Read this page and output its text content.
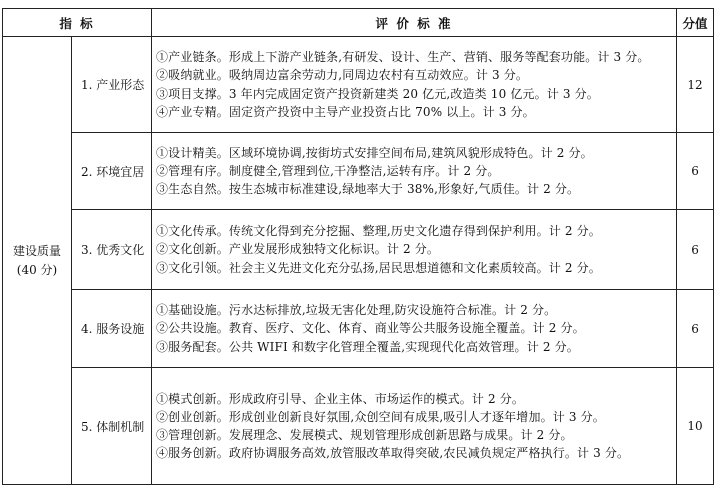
指 标		评 价 标 准	分值

建设质量
(40 分)	1. 产业形态	①产业链条。形成上下游产业链条,有研发、设计、生产、营销、服务等配套功能。计 3 分。
②吸纳就业。吸纳周边富余劳动力,同周边农村有互动效应。计 3 分。
③项目支撑。3 年内完成固定资产投资新建类 20 亿元,改造类 10 亿元。计 3 分。
④产业专精。固定资产投资中主导产业投资占比 70% 以上。计 3 分。	12
	2. 环境宜居	①设计精美。区域环境协调,按街坊式安排空间布局,建筑风貌形成特色。计 2 分。
②管理有序。制度健全,管理到位,干净整洁,运转有序。计 2 分。
③生态自然。按生态城市标准建设,绿地率大于 38%,形象好,气质佳。计 2 分。	6
	3. 优秀文化	①文化传承。传统文化得到充分挖掘、整理,历史文化遗存得到保护利用。计 2 分。
②文化创新。产业发展形成独特文化标识。计 2 分。
③文化引领。社会主义先进文化充分弘扬,居民思想道德和文化素质较高。计 2 分。	6
	4. 服务设施	①基础设施。污水达标排放,垃圾无害化处理,防灾设施符合标准。计 2 分。
②公共设施。教育、医疗、文化、体育、商业等公共服务设施全覆盖。计 2 分。
③服务配套。公共 WIFI 和数字化管理全覆盖,实现现代化高效管理。计 2 分。	6
	5. 体制机制	①模式创新。形成政府引导、企业主体、市场运作的模式。计 2 分。
②创业创新。形成创业创新良好氛围,众创空间有成果,吸引人才逐年增加。计 3 分。
③管理创新。发展理念、发展模式、规划管理形成创新思路与成果。计 2 分。
④服务创新。政府协调服务高效,放管服改革取得突破,农民减负规定严格执行。计 3 分。	10
